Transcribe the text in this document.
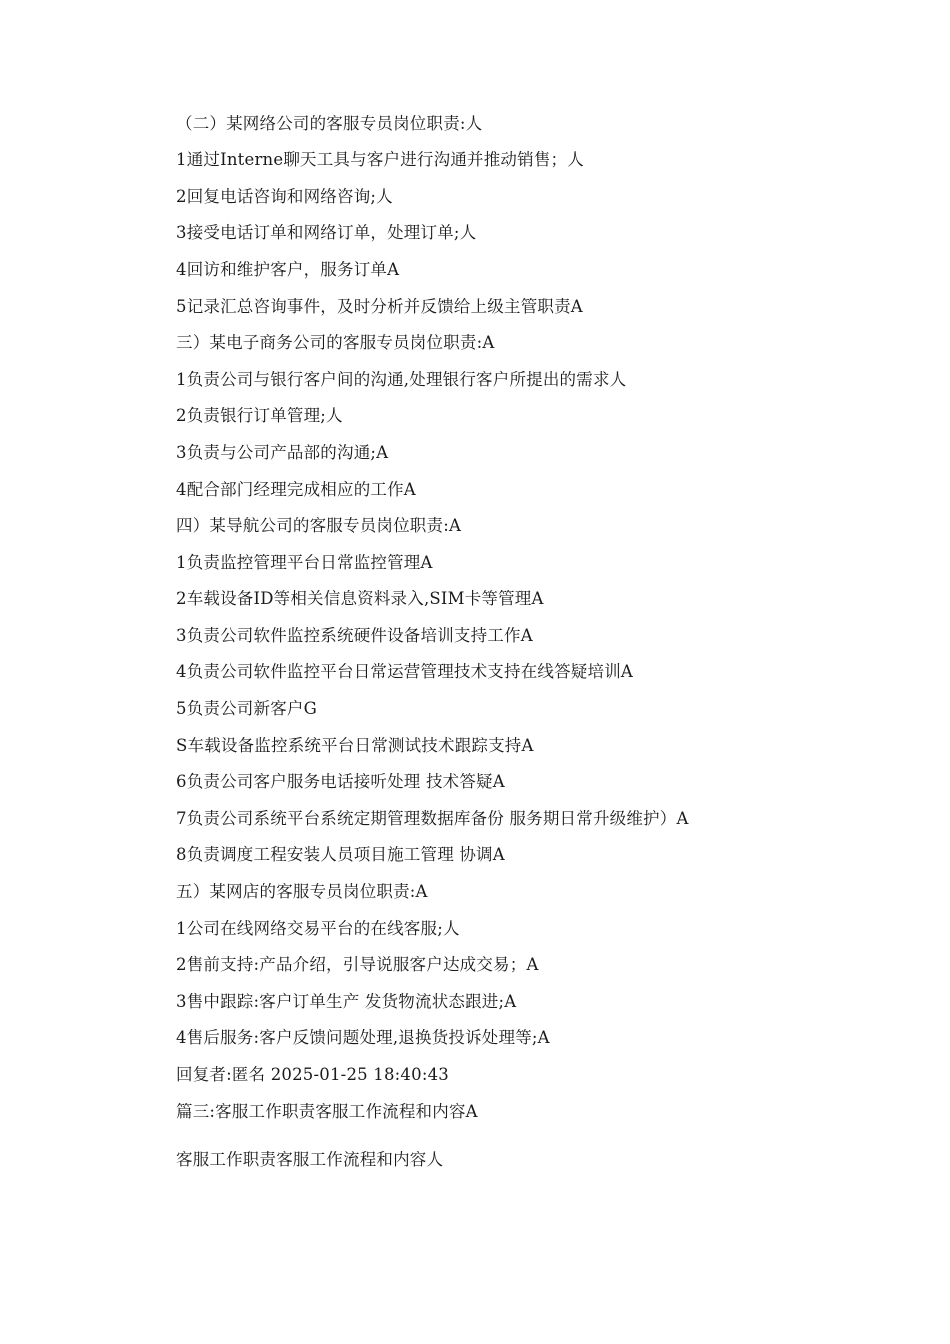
（二）某网络公司的客服专员岗位职责:人
1通过Interne聊天工具与客户进行沟通并推动销售；人
2回复电话咨询和网络咨询;人
3接受电话订单和网络订单，处理订单;人
4回访和维护客户，服务订单A
5记录汇总咨询事件，及时分析并反馈给上级主管职责A
三）某电子商务公司的客服专员岗位职责:A
1负责公司与银行客户间的沟通,处理银行客户所提出的需求人
2负责银行订单管理;人
3负责与公司产品部的沟通;A
4配合部门经理完成相应的工作A
四）某导航公司的客服专员岗位职责:A
1负责监控管理平台日常监控管理A
2车载设备ID等相关信息资料录入,SIM卡等管理A
3负责公司软件监控系统硬件设备培训支持工作A
4负责公司软件监控平台日常运营管理技术支持在线答疑培训A
5负责公司新客户G
S车载设备监控系统平台日常测试技术跟踪支持A
6负责公司客户服务电话接听处理 技术答疑A
7负责公司系统平台系统定期管理数据库备份 服务期日常升级维护）A
8负责调度工程安装人员项目施工管理 协调A
五）某网店的客服专员岗位职责:A
1公司在线网络交易平台的在线客服;人
2售前支持:产品介绍，引导说服客户达成交易；A
3售中跟踪:客户订单生产 发货物流状态跟进;A
4售后服务:客户反馈问题处理,退换货投诉处理等;A
回复者:匿名 2025-01-25 18:40:43
篇三:客服工作职责客服工作流程和内容A
客服工作职责客服工作流程和内容人
